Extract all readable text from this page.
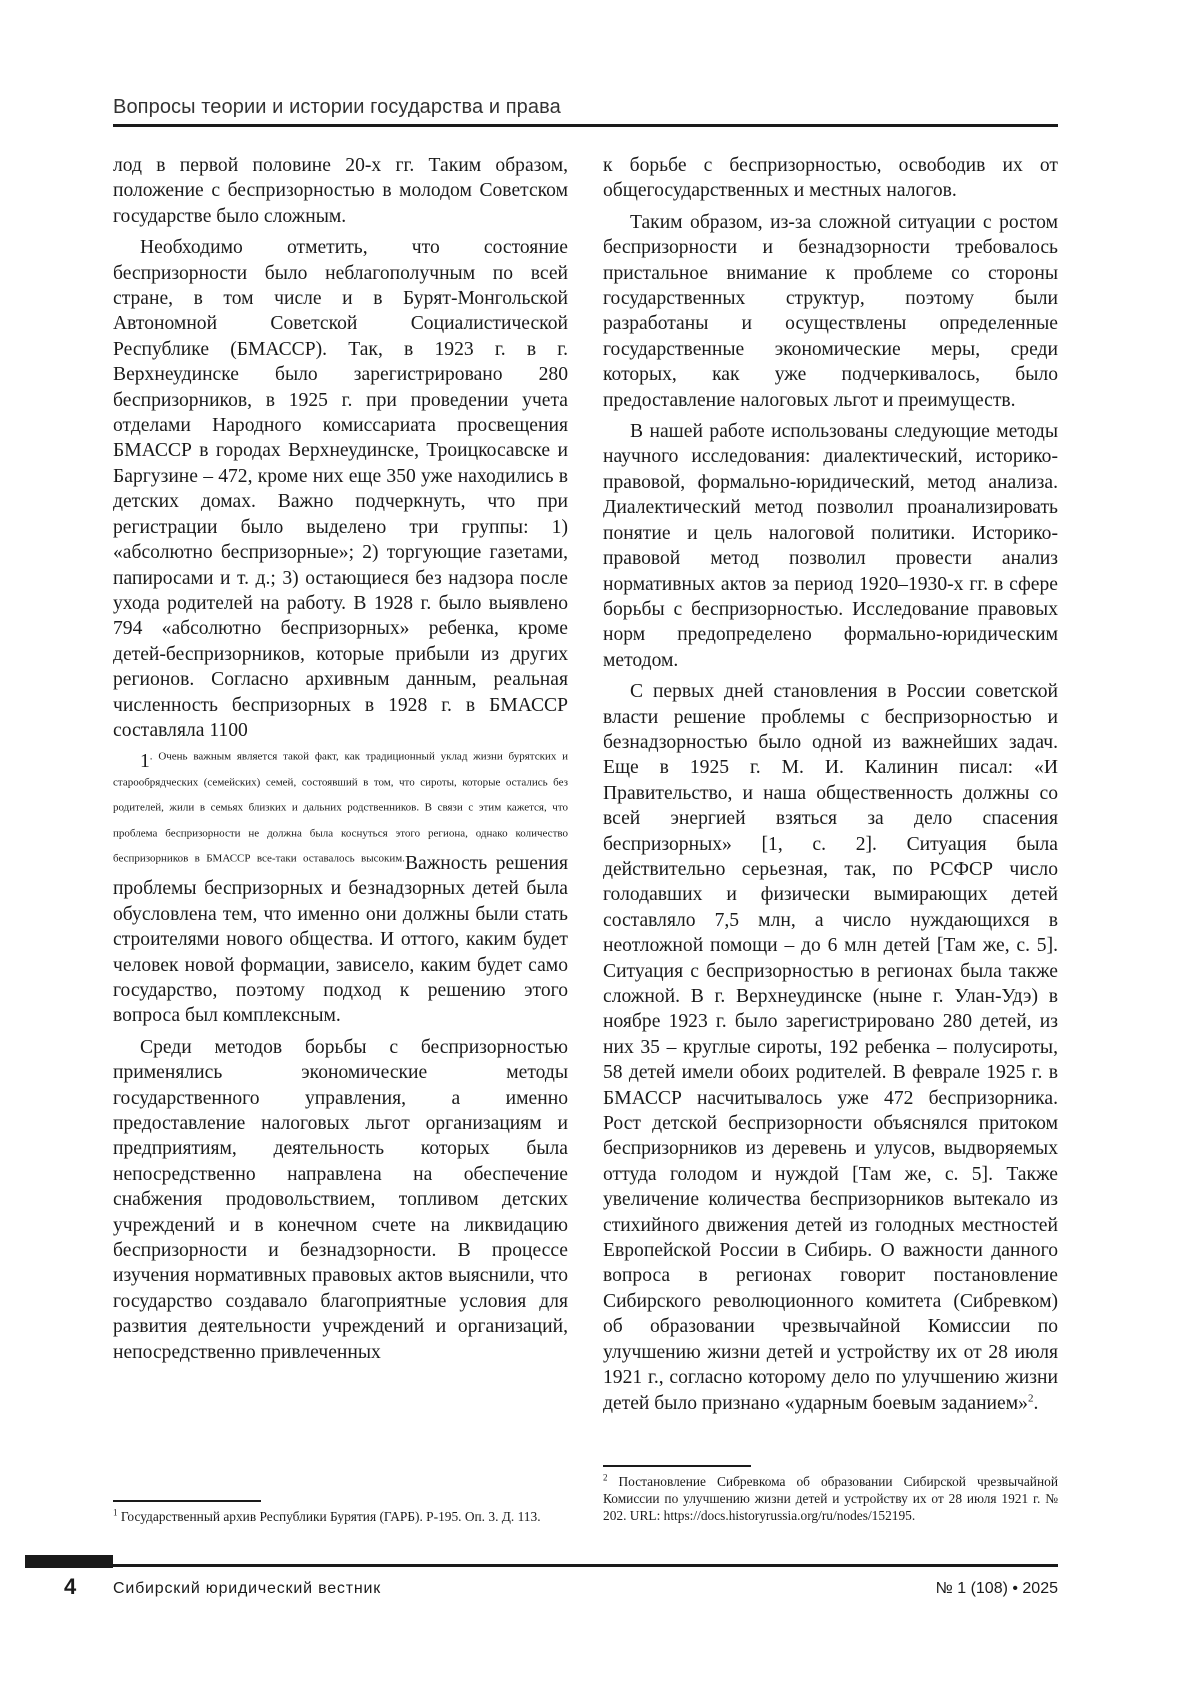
Вопросы теории и истории государства и права

лод в первой половине 20-х гг. Таким образом, положение с беспризорностью в молодом Советском государстве было сложным.

Необходимо отметить, что состояние беспризорности было неблагополучным по всей стране, в том числе и в Бурят-Монгольской Автономной Советской Социалистической Республике (БМАССР). Так, в 1923 г. в г. Верхнеудинске было зарегистрировано 280 беспризорников, в 1925 г. при проведении учета отделами Народного комиссариата просвещения БМАССР в городах Верхнеудинске, Троицкосавске и Баргузине – 472, кроме них еще 350 уже находились в детских домах. Важно подчеркнуть, что при регистрации было выделено три группы: 1) «абсолютно беспризорные»; 2) торгующие газетами, папиросами и т. д.; 3) остающиеся без надзора после ухода родителей на работу. В 1928 г. было выявлено 794 «абсолютно беспризорных» ребенка, кроме детей-беспризорников, которые прибыли из других регионов. Согласно архивным данным, реальная численность беспризорных в 1928 г. в БМАССР составляла 1100

1. Очень важным является такой факт, как традиционный уклад жизни бурятских и старообрядческих (семейских) семей, состоявший в том, что сироты, которые остались без родителей, жили в семьях близких и дальних родственников. В связи с этим кажется, что проблема беспризорности не должна была коснуться этого региона, однако количество беспризорников в БМАССР все-таки оставалось высоким.Важность решения проблемы беспризорных и безнадзорных детей была обусловлена тем, что именно они должны были стать строителями нового общества. И оттого, каким будет человек новой формации, зависело, каким будет само государство, поэтому подход к решению этого вопроса был комплексным.

Среди методов борьбы с беспризорностью применялись экономические методы государственного управления, а именно предоставление налоговых льгот организациям и предприятиям, деятельность которых была непосредственно направлена на обеспечение снабжения продовольствием, топливом детских учреждений и в конечном счете на ликвидацию беспризорности и безнадзорности. В процессе изучения нормативных правовых актов выяснили, что государство создавало благоприятные условия для развития деятельности учреждений и организаций, непосредственно привлеченных

$^1$ Государственный архив Республики Бурятия (ГАРБ). Р-195. Оп. 3. Д. 113.

к борьбе с беспризорностью, освободив их от общегосударственных и местных налогов.

Таким образом, из-за сложной ситуации с ростом беспризорности и безнадзорности требовалось пристальное внимание к проблеме со стороны государственных структур, поэтому были разработаны и осуществлены определенные государственные экономические меры, среди которых, как уже подчеркивалось, было предоставление налоговых льгот и преимуществ.

В нашей работе использованы следующие методы научного исследования: диалектический, историко-правовой, формально-юридический, метод анализа. Диалектический метод позволил проанализировать понятие и цель налоговой политики. Историко-правовой метод позволил провести анализ нормативных актов за период 1920–1930-х гг. в сфере борьбы с беспризорностью. Исследование правовых норм предопределено формально-юридическим методом.

С первых дней становления в России советской власти решение проблемы с беспризорностью и безнадзорностью было одной из важнейших задач. Еще в 1925 г. М. И. Калинин писал: «И Правительство, и наша общественность должны со всей энергией взяться за дело спасения беспризорных» [1, с. 2]. Ситуация была действительно серьезная, так, по РСФСР число голодавших и физически вымирающих детей составляло 7,5 млн, а число нуждающихся в неотложной помощи – до 6 млн детей [Там же, с. 5]. Ситуация с беспризорностью в регионах была также сложной. В г. Верхнеудинске (ныне г. Улан-Удэ) в ноябре 1923 г. было зарегистрировано 280 детей, из них 35 – круглые сироты, 192 ребенка – полусироты, 58 детей имели обоих родителей. В феврале 1925 г. в БМАССР насчитывалось уже 472 беспризорника. Рост детской беспризорности объяснялся притоком беспризорников из деревень и улусов, выдворяемых оттуда голодом и нуждой [Там же, с. 5]. Также увеличение количества беспризорников вытекало из стихийного движения детей из голодных местностей Европейской России в Сибирь. О важности данного вопроса в регионах говорит постановление Сибирского революционного комитета (Сибревком) об образовании чрезвычайной Комиссии по улучшению жизни детей и устройству их от 28 июля 1921 г., согласно которому дело по улучшению жизни детей было признано «ударным боевым заданием»$^2$.

$^2$ Постановление Сибревкома об образовании Сибирской чрезвычайной Комиссии по улучшению жизни детей и устройству их от 28 июля 1921 г. № 202. URL: https://docs.historyrussia.org/ru/nodes/152195.
4 Сибирский юридический вестник	№ 1 (108) • 2025
